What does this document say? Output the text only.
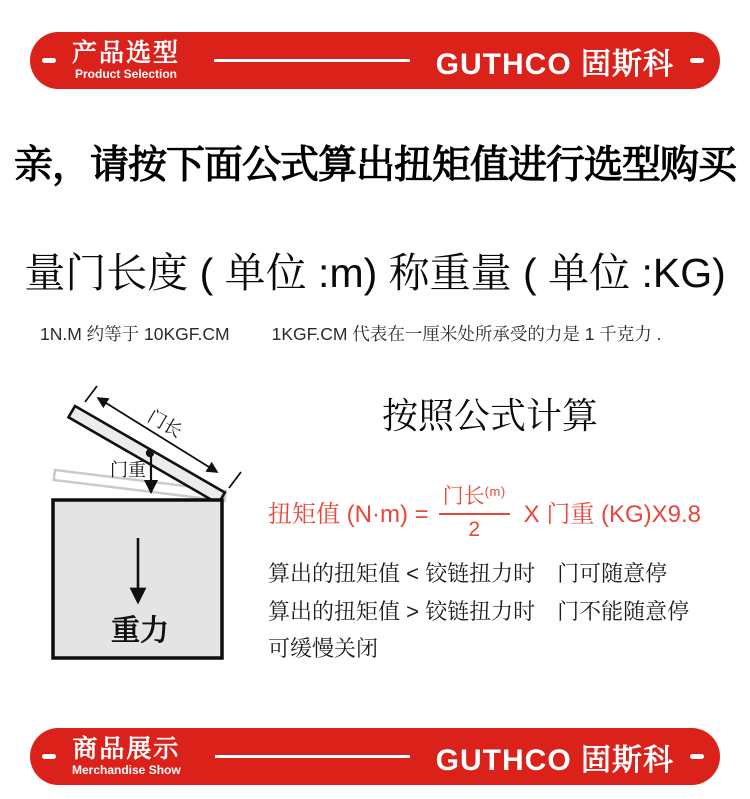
产品选型
Product Selection	GUTHCO 固斯科
亲，请按下面公式算出扭矩值进行选型购买
量门长度 ( 单位 :m) 称重量 ( 单位 :KG)
1N.M 约等于 10KGF.CM 1KGF.CM 代表在一厘米处所承受的力是 1 千克力 .
门长
门重
重力
按照公式计算
扭矩值 $(N\cdot m) = \frac{门长^{(m)}}{2}$ X 门重 (KG)X9.8
算出的扭矩值 < 铰链扭力时　门可随意停
算出的扭矩值 > 铰链扭力时　门不能随意停
可缓慢关闭
商品展示
Merchandise Show	GUTHCO 固斯科
